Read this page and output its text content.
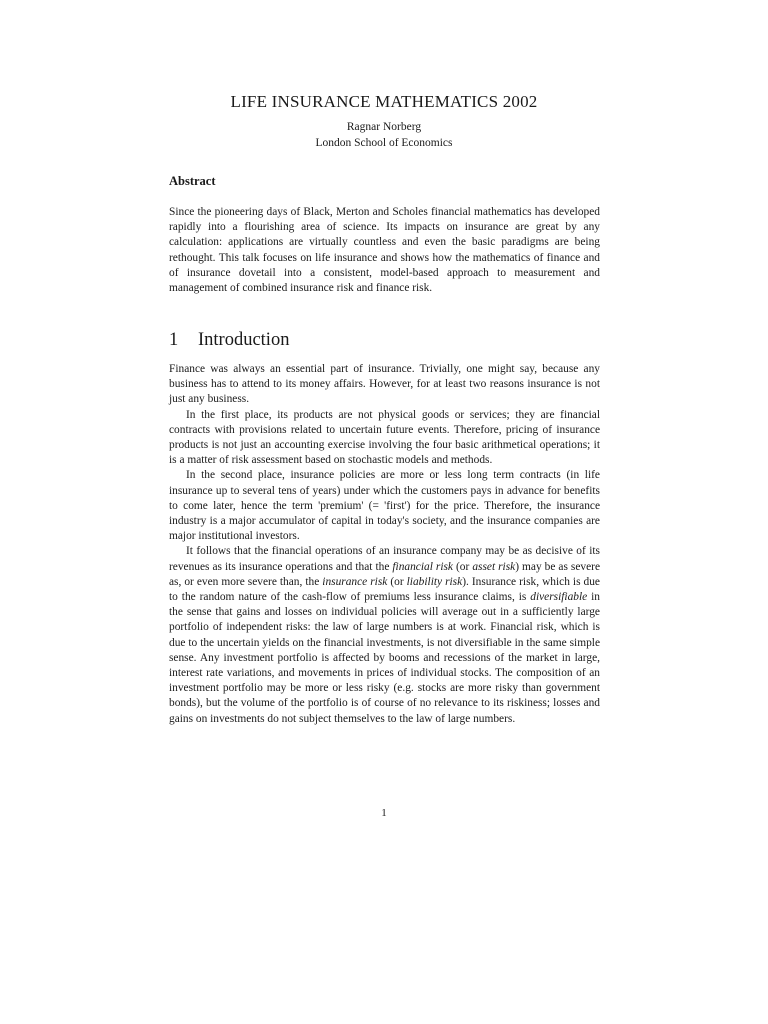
LIFE INSURANCE MATHEMATICS 2002
Ragnar Norberg
London School of Economics
Abstract

Since the pioneering days of Black, Merton and Scholes financial mathematics has developed rapidly into a flourishing area of science. Its impacts on insurance are great by any calculation: applications are virtually countless and even the basic paradigms are being rethought. This talk focuses on life insurance and shows how the mathematics of finance and of insurance dovetail into a consistent, model-based approach to measurement and management of combined insurance risk and finance risk.

1 Introduction

Finance was always an essential part of insurance. Trivially, one might say, because any business has to attend to its money affairs. However, for at least two reasons insurance is not just any business.

In the first place, its products are not physical goods or services; they are financial contracts with provisions related to uncertain future events. Therefore, pricing of insurance products is not just an accounting exercise involving the four basic arithmetical operations; it is a matter of risk assessment based on stochastic models and methods.

In the second place, insurance policies are more or less long term contracts (in life insurance up to several tens of years) under which the customers pays in advance for benefits to come later, hence the term 'premium' (= 'first') for the price. Therefore, the insurance industry is a major accumulator of capital in today's society, and the insurance companies are major institutional investors.

It follows that the financial operations of an insurance company may be as decisive of its revenues as its insurance operations and that the financial risk (or asset risk) may be as severe as, or even more severe than, the insurance risk (or liability risk). Insurance risk, which is due to the random nature of the cash-flow of premiums less insurance claims, is diversifiable in the sense that gains and losses on individual policies will average out in a sufficiently large portfolio of independent risks: the law of large numbers is at work. Financial risk, which is due to the uncertain yields on the financial investments, is not diversifiable in the same simple sense. Any investment portfolio is affected by booms and recessions of the market in large, interest rate variations, and movements in prices of individual stocks. The composition of an investment portfolio may be more or less risky (e.g. stocks are more risky than government bonds), but the volume of the portfolio is of course of no relevance to its riskiness; losses and gains on investments do not subject themselves to the law of large numbers.

1
